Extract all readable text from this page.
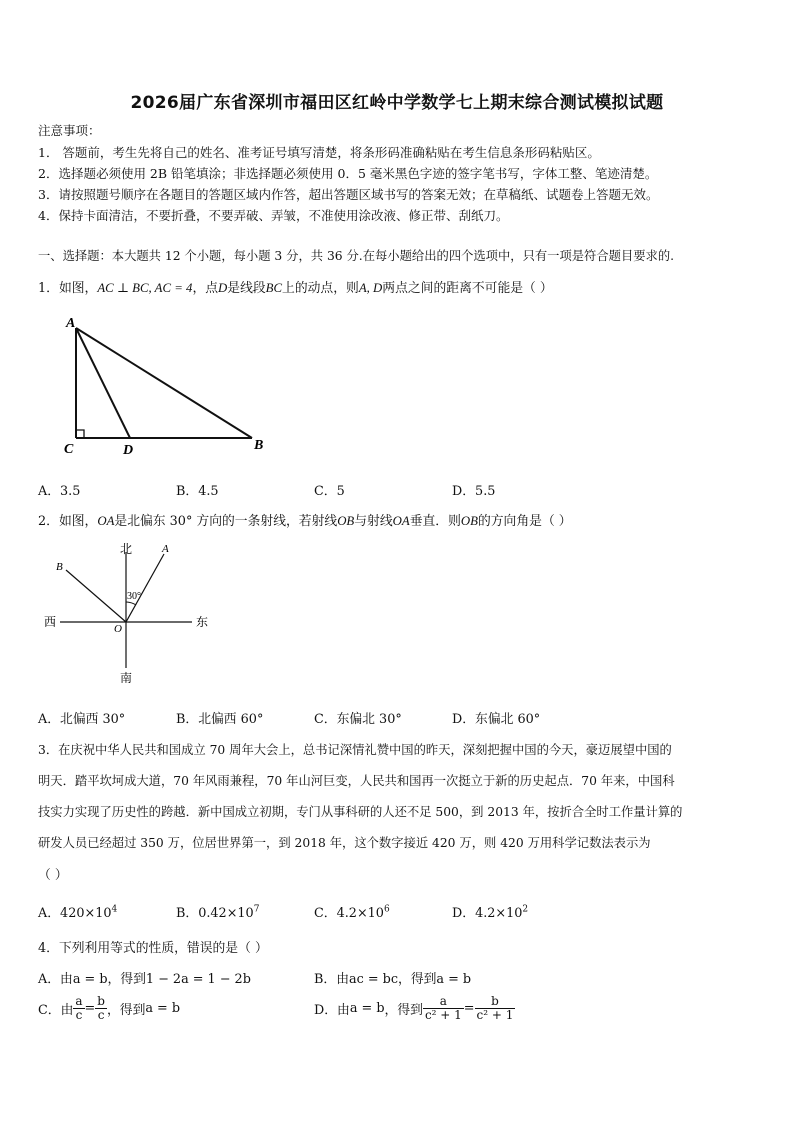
2026届广东省深圳市福田区红岭中学数学七上期末综合测试模拟试题
注意事项：
1． 答题前，考生先将自己的姓名、准考证号填写清楚，将条形码准确粘贴在考生信息条形码粘贴区。
2．选择题必须使用 2B 铅笔填涂；非选择题必须使用 0．5 毫米黑色字迹的签字笔书写，字体工整、笔迹清楚。
3．请按照题号顺序在各题目的答题区域内作答，超出答题区域书写的答案无效；在草稿纸、试题卷上答题无效。
4．保持卡面清洁，不要折叠，不要弄破、弄皱，不准使用涂改液、修正带、刮纸刀。
一、选择题：本大题共 12 个小题，每小题 3 分，共 36 分.在每小题给出的四个选项中，只有一项是符合题目要求的.
1．如图，AC ⊥ BC, AC = 4，点D是线段BC上的动点，则A, D两点之间的距离不可能是（ ）
A
C	D	B
A．3.5	B．4.5	C．5	D．5.5
2．如图，OA是北偏东 30° 方向的一条射线，若射线OB与射线OA垂直．则OB的方向角是（ ）
北
南
西	东
O
A
B
30°
A．北偏西 30°	B．北偏西 60°	C．东偏北 30°	D．东偏北 60°
3．在庆祝中华人民共和国成立 70 周年大会上，总书记深情礼赞中国的昨天，深刻把握中国的今天，豪迈展望中国的
明天．踏平坎坷成大道，70 年风雨兼程，70 年山河巨变，人民共和国再一次挺立于新的历史起点．70 年来，中国科
技实力实现了历史性的跨越．新中国成立初期，专门从事科研的人还不足 500，到 2013 年，按折合全时工作量计算的
研发人员已经超过 350 万，位居世界第一，到 2018 年，这个数字接近 420 万，则 420 万用科学记数法表示为
（ ）
A．$420\times 10^4$	B．$0.42\times 10^7$	C．$4.2\times 10^6$	D．$4.2\times 10^2$
4．下列利用等式的性质，错误的是（ ）
A．由a = b，得到1 − 2a = 1 − 2b	B．由ac = bc，得到a = b
C．由 $\frac{a}{c} = \frac{b}{c}$ ，得到a = b	D．由a = b，得到 $\frac{a}{\text{c² + 1}} = \frac{b}{\text{c² + 1}}$
